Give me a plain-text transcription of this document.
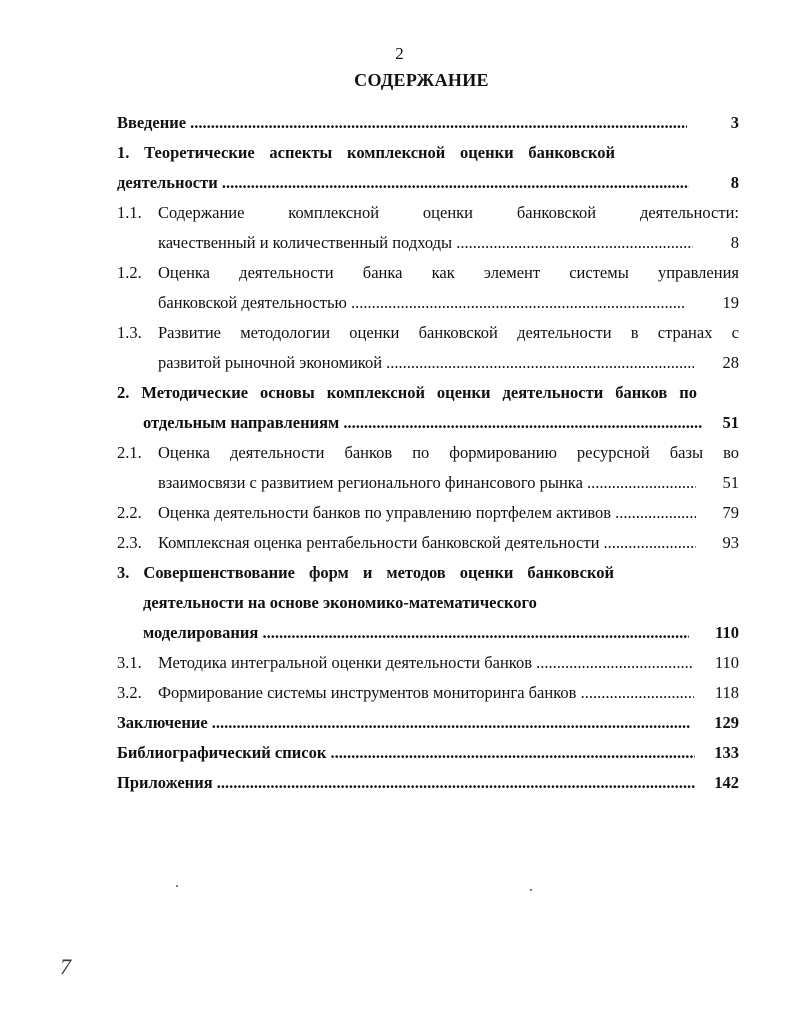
2
СОДЕРЖАНИЕ
Введение .....	3
1. Теоретические аспекты комплексной оценки банковской
деятельности .....	8
1.1. Содержание комплексной оценки банковской деятельности:
качественный и количественный подходы .....	8
1.2. Оценка деятельности банка как элемент системы управления
банковской деятельностью .....	19
1.3. Развитие методологии оценки банковской деятельности в странах с
развитой рыночной экономикой .....	28
2. Методические основы комплексной оценки деятельности банков по
отдельным направлениям .....	51
2.1. Оценка деятельности банков по формированию ресурсной базы во
взаимосвязи с развитием регионального финансового рынка .....	51
2.2. Оценка деятельности банков по управлению портфелем активов .....	79
2.3. Комплексная оценка рентабельности банковской деятельности .....	93
3. Совершенствование форм и методов оценки банковской
деятельности на основе экономико-математического
моделирования .....	110
3.1. Методика интегральной оценки деятельности банков .....	110
3.2. Формирование системы инструментов мониторинга банков .....	118
Заключение .....	129
Библиографический список .....	133
Приложения .....	142
7
